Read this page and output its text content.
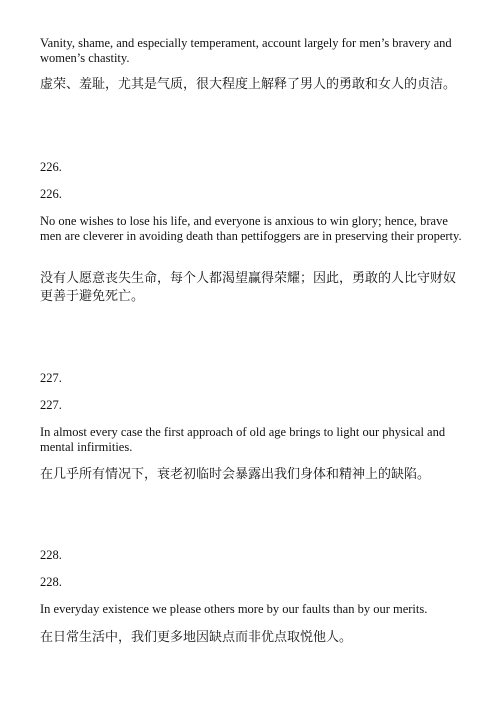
Vanity, shame, and especially temperament, account largely for men’s bravery and women’s chastity.

虚荣、羞耻，尤其是气质，很大程度上解释了男人的勇敢和女人的贞洁。

226.

226.

No one wishes to lose his life, and everyone is anxious to win glory; hence, brave men are cleverer in avoiding death than pettifoggers are in preserving their property.

没有人愿意丧失生命，每个人都渴望赢得荣耀；因此，勇敢的人比守财奴更善于避免死亡。

227.

227.

In almost every case the first approach of old age brings to light our physical and mental infirmities.

在几乎所有情况下，衰老初临时会暴露出我们身体和精神上的缺陷。

228.

228.

In everyday existence we please others more by our faults than by our merits.

在日常生活中，我们更多地因缺点而非优点取悦他人。
